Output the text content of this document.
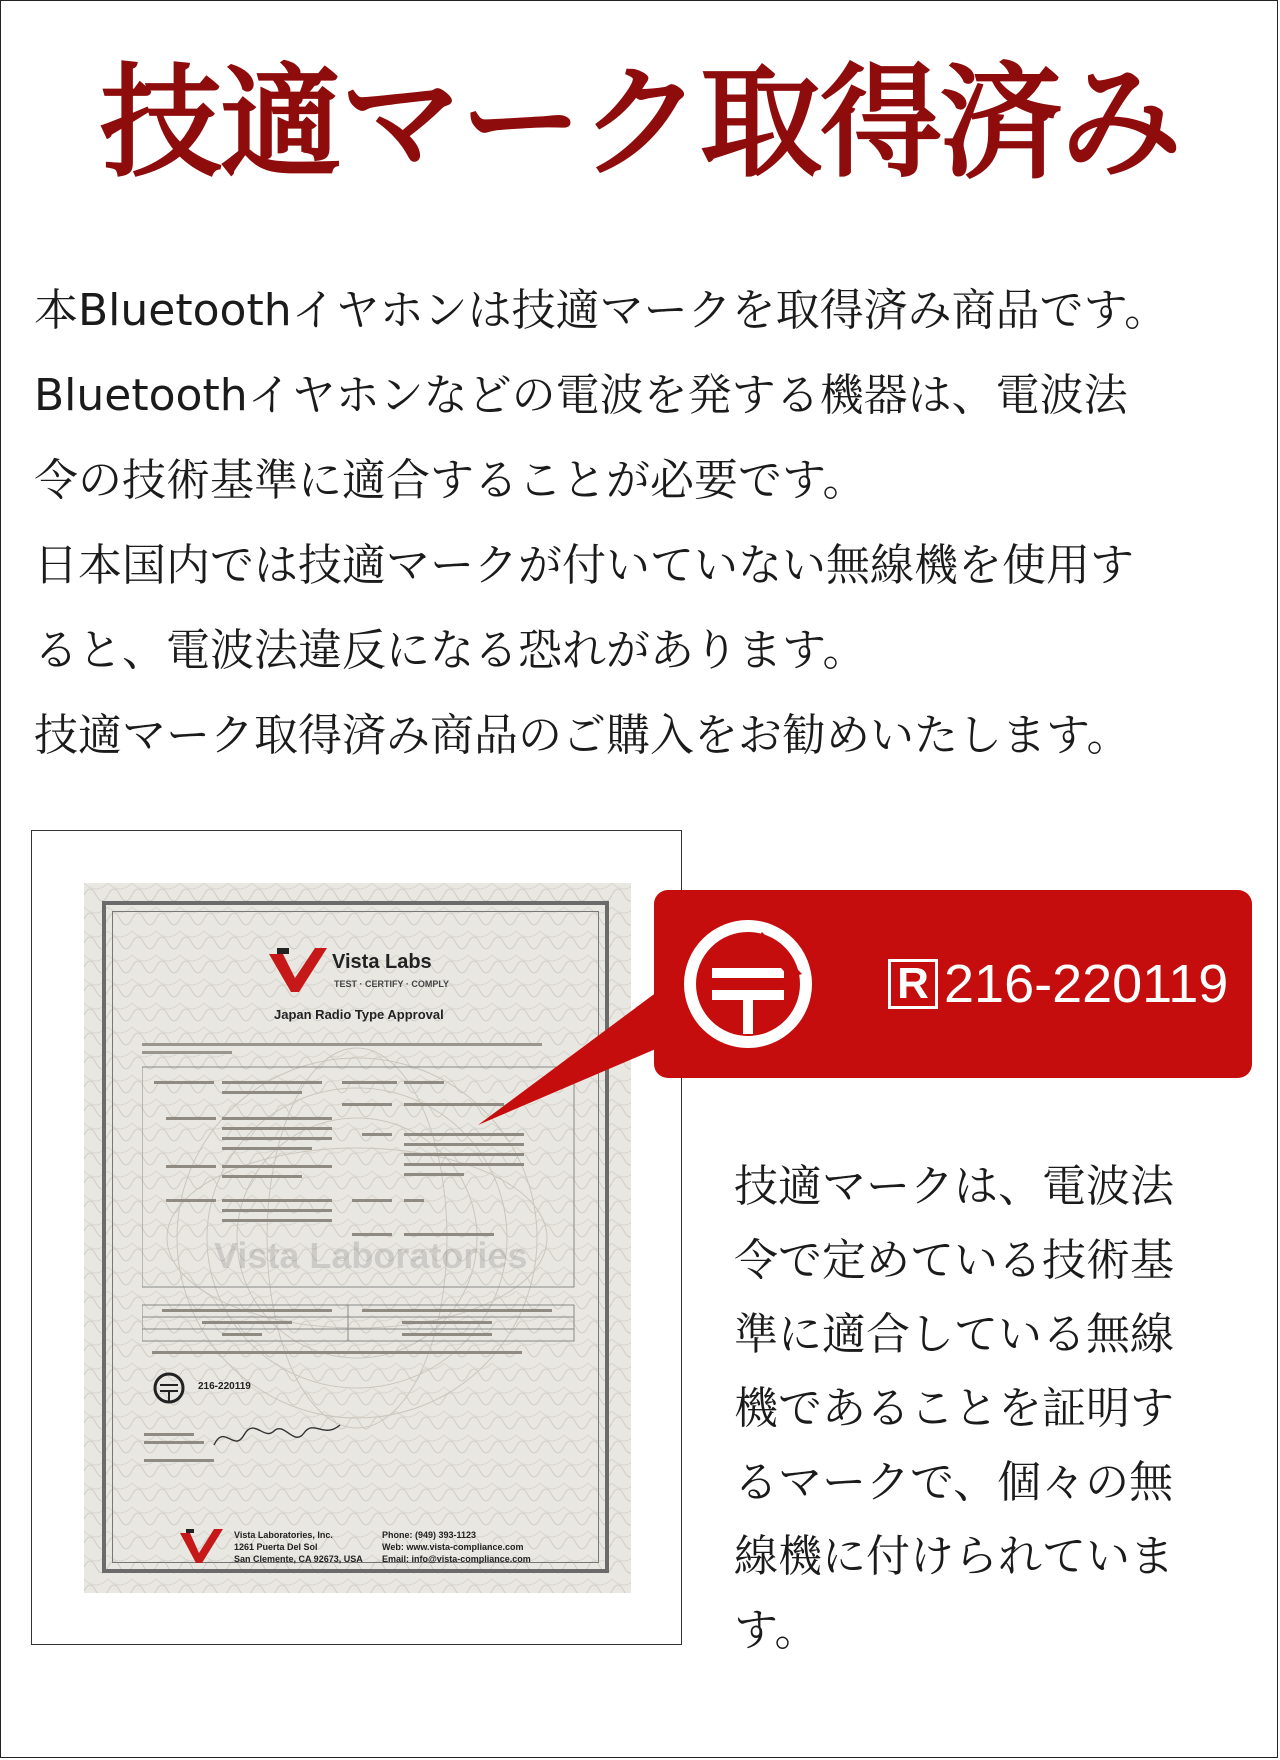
技適マーク取得済み

本Bluetoothイヤホンは技適マークを取得済み商品です。

Bluetoothイヤホンなどの電波を発する機器は、電波法

令の技術基準に適合することが必要です。

日本国内では技適マークが付いていない無線機を使用す

ると、電波法違反になる恐れがあります。

技適マーク取得済み商品のご購入をお勧めいたします。

Vista Labs
TEST · CERTIFY · COMPLY
Japan Radio Type Approval
Vista Laboratories
216-220119
Vista Laboratories, Inc.
1261 Puerta Del Sol
San Clemente, CA 92673, USA
Phone: (949) 393-1123
Web: www.vista-compliance.com
Email: info@vista-compliance.com
R 216-220119

技適マークは、電波法

令で定めている技術基

準に適合している無線

機であることを証明す

るマークで、個々の無

線機に付けられていま

す。
